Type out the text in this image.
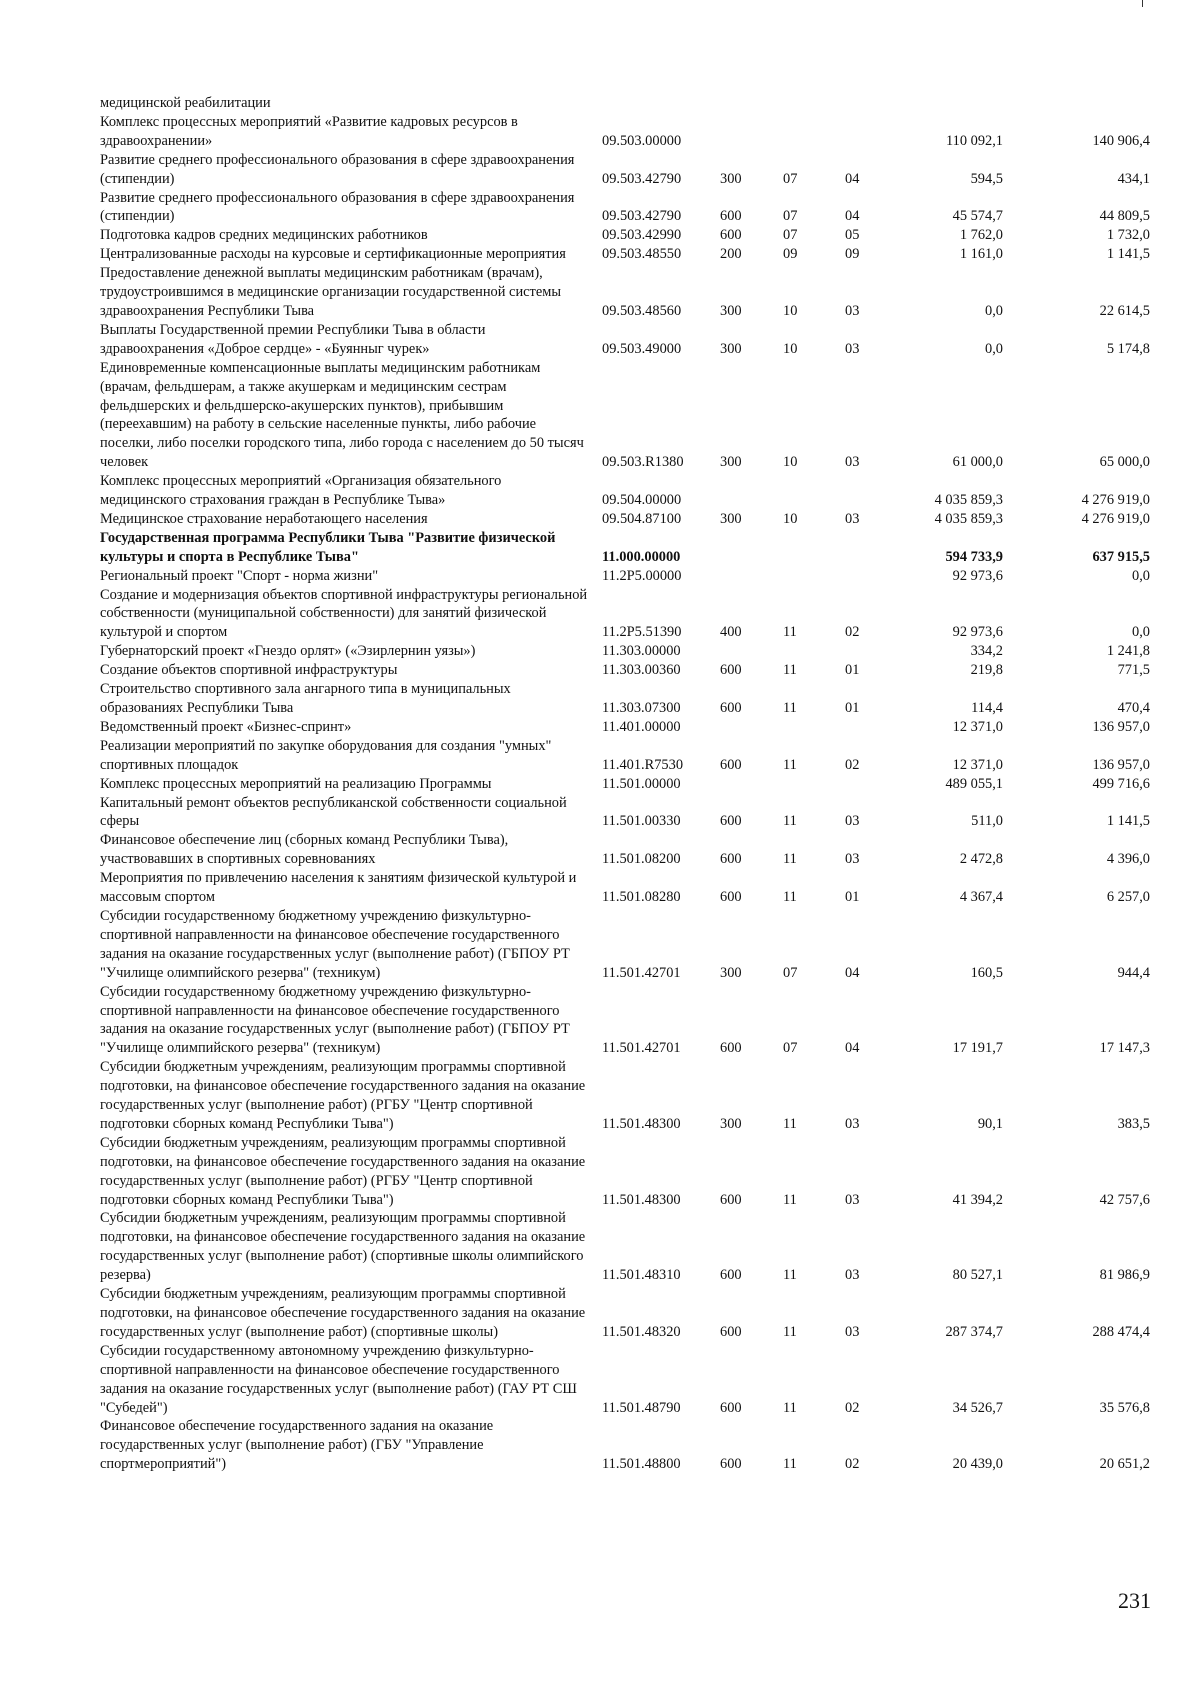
медицинской реабилитации						
Комплекс процессных мероприятий «Развитие кадровых ресурсов в здравоохранении»	09.503.00000				110 092,1	140 906,4
Развитие среднего профессионального образования в сфере здравоохранения (стипендии)	09.503.42790	300	07	04	594,5	434,1
Развитие среднего профессионального образования в сфере здравоохранения (стипендии)	09.503.42790	600	07	04	45 574,7	44 809,5
Подготовка кадров средних медицинских работников	09.503.42990	600	07	05	1 762,0	1 732,0
Централизованные расходы на курсовые и сертификационные мероприятия	09.503.48550	200	09	09	1 161,0	1 141,5
Предоставление денежной выплаты медицинским работникам (врачам), трудоустроившимся в медицинские организации государственной системы здравоохранения Республики Тыва	09.503.48560	300	10	03	0,0	22 614,5
Выплаты Государственной премии Республики Тыва в области здравоохранения «Доброе сердце» - «Буянныг чурек»	09.503.49000	300	10	03	0,0	5 174,8
Единовременные компенсационные выплаты медицинским работникам (врачам, фельдшерам, а также акушеркам и медицинским сестрам фельдшерских и фельдшерско-акушерских пунктов), прибывшим (переехавшим) на работу в сельские населенные пункты, либо рабочие поселки, либо поселки городского типа, либо города с населением до 50 тысяч человек	09.503.R1380	300	10	03	61 000,0	65 000,0
Комплекс процессных мероприятий «Организация обязательного медицинского страхования граждан в Республике Тыва»	09.504.00000				4 035 859,3	4 276 919,0
Медицинское страхование неработающего населения	09.504.87100	300	10	03	4 035 859,3	4 276 919,0
Государственная программа Республики Тыва "Развитие физической культуры и спорта в Республике Тыва"	11.000.00000				594 733,9	637 915,5
Региональный проект "Спорт - норма жизни"	11.2P5.00000				92 973,6	0,0
Создание и модернизация объектов спортивной инфраструктуры региональной собственности (муниципальной собственности) для занятий физической культурой и спортом	11.2P5.51390	400	11	02	92 973,6	0,0
Губернаторский проект «Гнездо орлят» («Эзирлернин уязы»)	11.303.00000				334,2	1 241,8
Создание объектов спортивной инфраструктуры	11.303.00360	600	11	01	219,8	771,5
Строительство спортивного зала ангарного типа в муниципальных образованиях Республики Тыва	11.303.07300	600	11	01	114,4	470,4
Ведомственный проект «Бизнес-спринт»	11.401.00000				12 371,0	136 957,0
Реализации мероприятий по закупке оборудования для создания "умных" спортивных площадок	11.401.R7530	600	11	02	12 371,0	136 957,0
Комплекс процессных мероприятий на реализацию Программы	11.501.00000				489 055,1	499 716,6
Капитальный ремонт объектов республиканской собственности социальной сферы	11.501.00330	600	11	03	511,0	1 141,5
Финансовое обеспечение лиц (сборных команд Республики Тыва), участвовавших в спортивных соревнованиях	11.501.08200	600	11	03	2 472,8	4 396,0
Мероприятия по привлечению населения к занятиям физической культурой и массовым спортом	11.501.08280	600	11	01	4 367,4	6 257,0
Субсидии государственному бюджетному учреждению физкультурно-спортивной направленности на финансовое обеспечение государственного задания на оказание государственных услуг (выполнение работ) (ГБПОУ РТ "Училище олимпийского резерва" (техникум)	11.501.42701	300	07	04	160,5	944,4
Субсидии государственному бюджетному учреждению физкультурно-спортивной направленности на финансовое обеспечение государственного задания на оказание государственных услуг (выполнение работ) (ГБПОУ РТ "Училище олимпийского резерва" (техникум)	11.501.42701	600	07	04	17 191,7	17 147,3
Субсидии бюджетным учреждениям, реализующим программы спортивной подготовки, на финансовое обеспечение государственного задания на оказание государственных услуг (выполнение работ) (РГБУ "Центр спортивной подготовки сборных команд Республики Тыва")	11.501.48300	300	11	03	90,1	383,5
Субсидии бюджетным учреждениям, реализующим программы спортивной подготовки, на финансовое обеспечение государственного задания на оказание государственных услуг (выполнение работ) (РГБУ "Центр спортивной подготовки сборных команд Республики Тыва")	11.501.48300	600	11	03	41 394,2	42 757,6
Субсидии бюджетным учреждениям, реализующим программы спортивной подготовки, на финансовое обеспечение государственного задания на оказание государственных услуг (выполнение работ) (спортивные школы олимпийского резерва)	11.501.48310	600	11	03	80 527,1	81 986,9
Субсидии бюджетным учреждениям, реализующим программы спортивной подготовки, на финансовое обеспечение государственного задания на оказание государственных услуг (выполнение работ) (спортивные школы)	11.501.48320	600	11	03	287 374,7	288 474,4
Субсидии государственному автономному учреждению физкультурно-спортивной направленности на финансовое обеспечение государственного задания на оказание государственных услуг (выполнение работ) (ГАУ РТ СШ "Субедей")	11.501.48790	600	11	02	34 526,7	35 576,8
Финансовое обеспечение государственного задания на оказание государственных услуг (выполнение работ) (ГБУ "Управление спортмероприятий")	11.501.48800	600	11	02	20 439,0	20 651,2
231
